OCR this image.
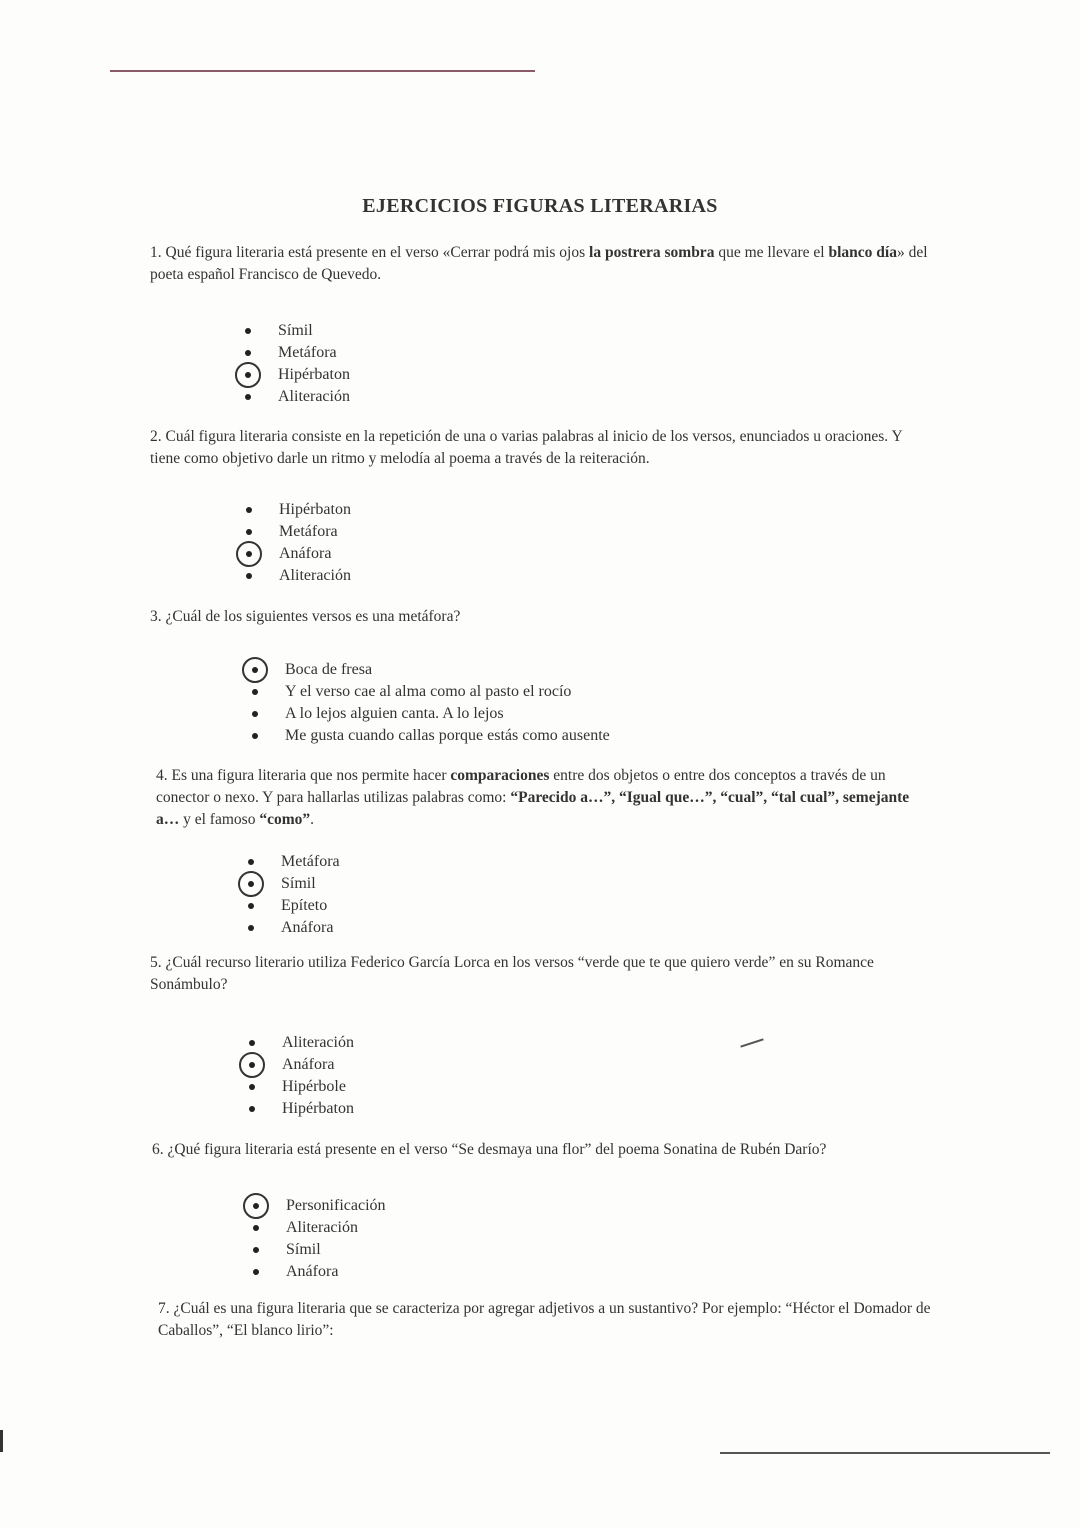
EJERCICIOS FIGURAS LITERARIAS
1. Qué figura literaria está presente en el verso «Cerrar podrá mis ojos la postrera sombra que me llevare el blanco día» del poeta español Francisco de Quevedo.
Símil
Metáfora
Hipérbaton
Aliteración
2. Cuál figura literaria consiste en la repetición de una o varias palabras al inicio de los versos, enunciados u oraciones. Y tiene como objetivo darle un ritmo y melodía al poema a través de la reiteración.
Hipérbaton
Metáfora
Anáfora
Aliteración
3. ¿Cuál de los siguientes versos es una metáfora?
Boca de fresa
Y el verso cae al alma como al pasto el rocío
A lo lejos alguien canta. A lo lejos
Me gusta cuando callas porque estás como ausente
4. Es una figura literaria que nos permite hacer comparaciones entre dos objetos o entre dos conceptos a través de un conector o nexo. Y para hallarlas utilizas palabras como: “Parecido a…”, “Igual que…”, “cual”, “tal cual”, semejante a… y el famoso “como”.
Metáfora
Símil
Epíteto
Anáfora
5. ¿Cuál recurso literario utiliza Federico García Lorca en los versos “verde que te que quiero verde” en su Romance Sonámbulo?
Aliteración
Anáfora
Hipérbole
Hipérbaton
6. ¿Qué figura literaria está presente en el verso “Se desmaya una flor” del poema Sonatina de Rubén Darío?
Personificación
Aliteración
Símil
Anáfora
7. ¿Cuál es una figura literaria que se caracteriza por agregar adjetivos a un sustantivo? Por ejemplo: “Héctor el Domador de Caballos”, “El blanco lirio”:
